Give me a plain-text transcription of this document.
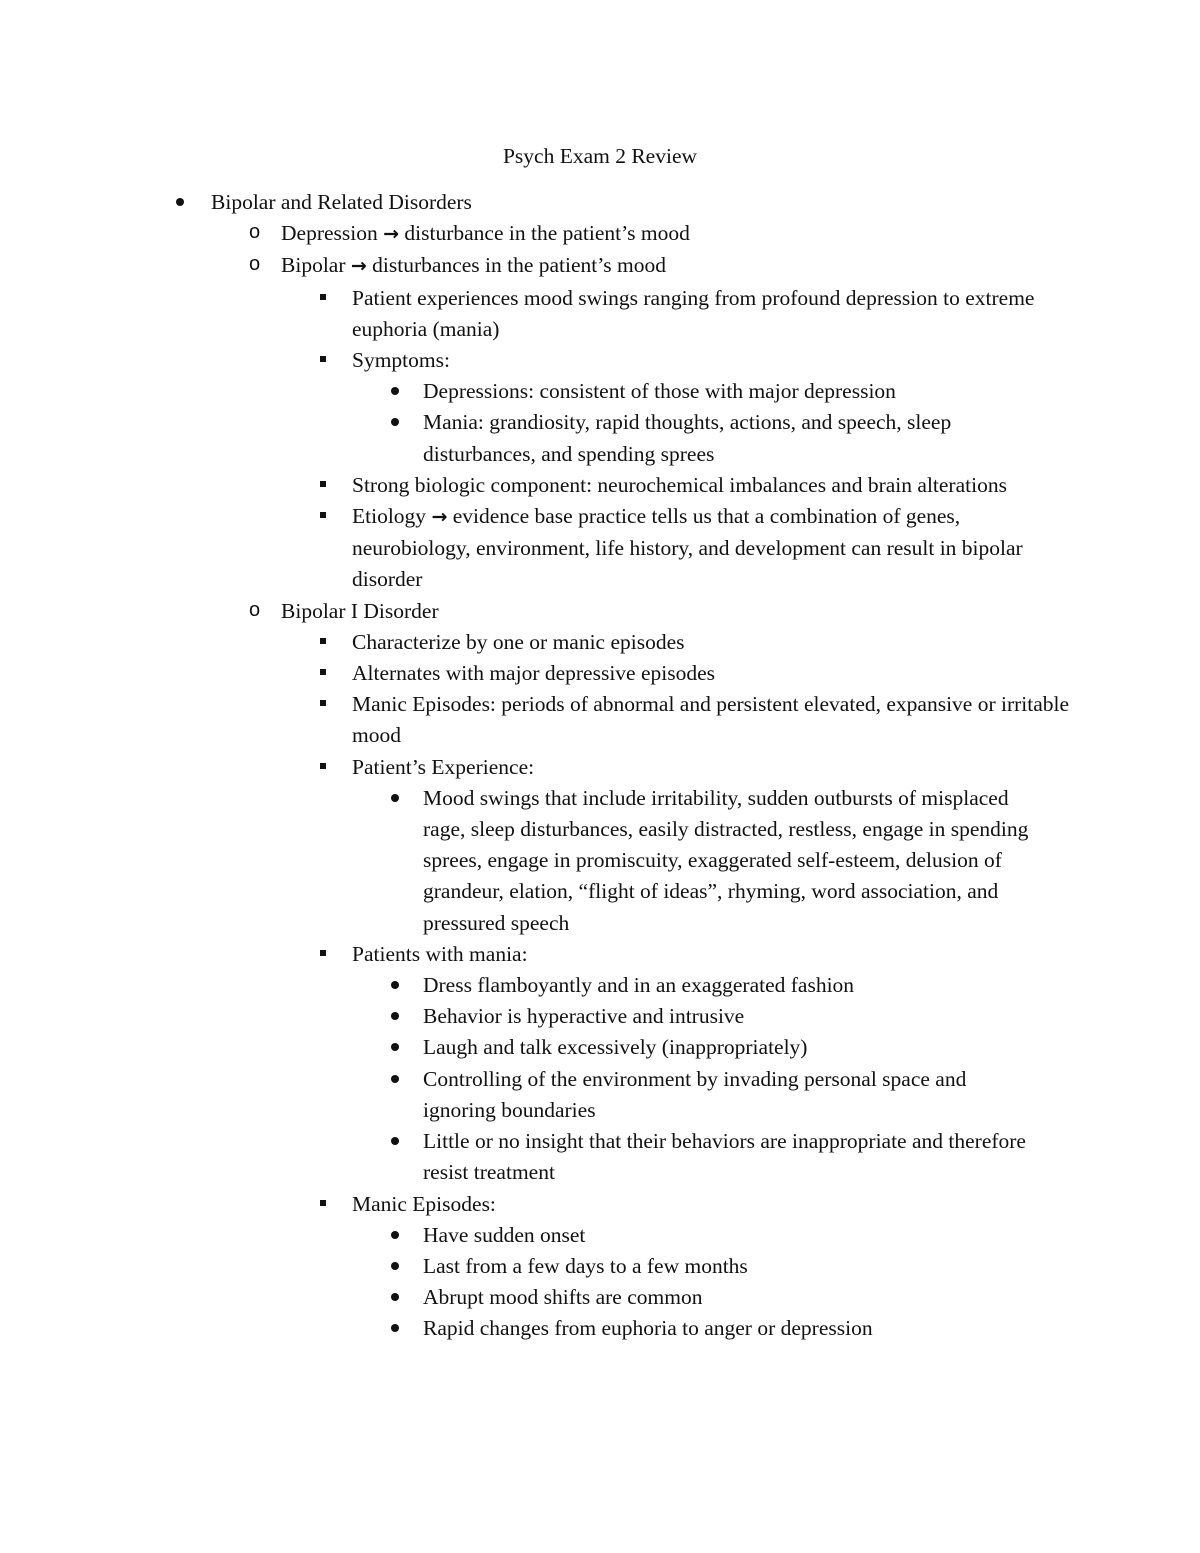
Psych Exam 2 Review
Bipolar and Related Disorders
o
Depression → disturbance in the patient’s mood
o
Bipolar → disturbances in the patient’s mood
Patient experiences mood swings ranging from profound depression to extreme euphoria (mania)
Symptoms:
Depressions: consistent of those with major depression
Mania: grandiosity, rapid thoughts, actions, and speech, sleep disturbances, and spending sprees
Strong biologic component: neurochemical imbalances and brain alterations
Etiology → evidence base practice tells us that a combination of genes, neurobiology, environment, life history, and development can result in bipolar disorder
o
Bipolar I Disorder
Characterize by one or manic episodes
Alternates with major depressive episodes
Manic Episodes: periods of abnormal and persistent elevated, expansive or irritable mood
Patient’s Experience:
Mood swings that include irritability, sudden outbursts of misplaced rage, sleep disturbances, easily distracted, restless, engage in spending sprees, engage in promiscuity, exaggerated self-esteem, delusion of grandeur, elation, “flight of ideas”, rhyming, word association, and pressured speech
Patients with mania:
Dress flamboyantly and in an exaggerated fashion
Behavior is hyperactive and intrusive
Laugh and talk excessively (inappropriately)
Controlling of the environment by invading personal space and ignoring boundaries
Little or no insight that their behaviors are inappropriate and therefore resist treatment
Manic Episodes:
Have sudden onset
Last from a few days to a few months
Abrupt mood shifts are common
Rapid changes from euphoria to anger or depression
